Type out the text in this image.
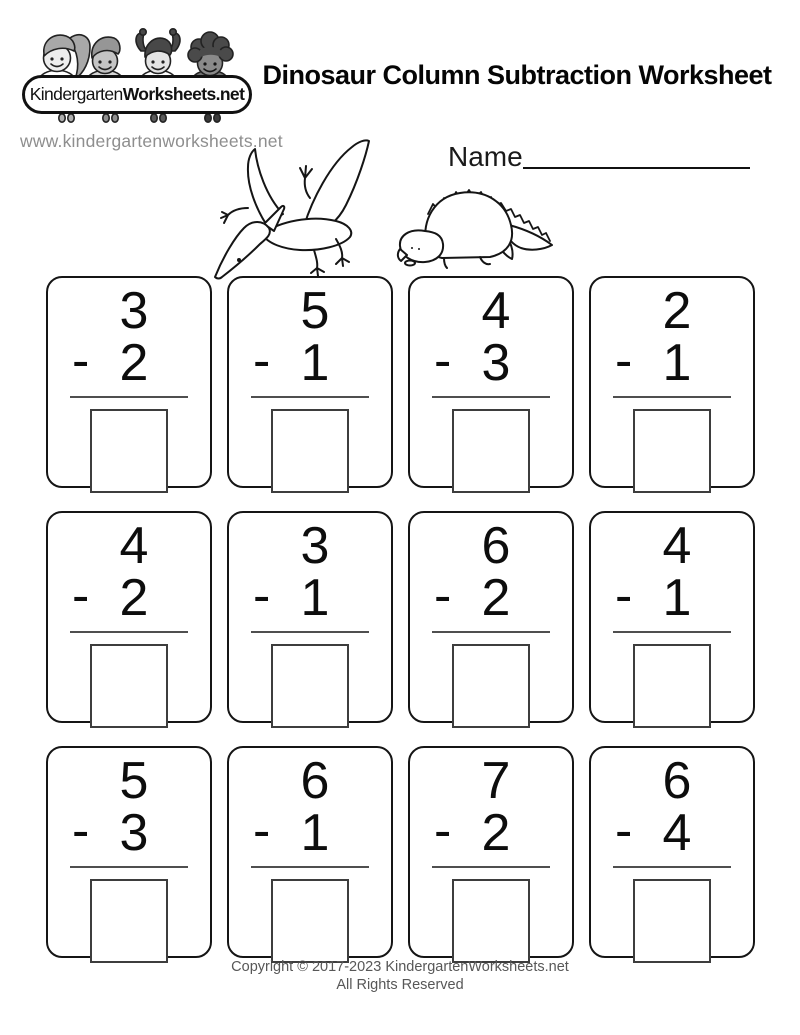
Kindergarten Worksheets.net
www.kindergartenworksheets.net
Dinosaur Column Subtraction Worksheet
Name
3
- 2
5
- 1
4
- 3
2
- 1
4
- 2
3
- 1
6
- 2
4
- 1
5
- 3
6
- 1
7
- 2
6
- 4
Copyright © 2017-2023 KindergartenWorksheets.net
All Rights Reserved
